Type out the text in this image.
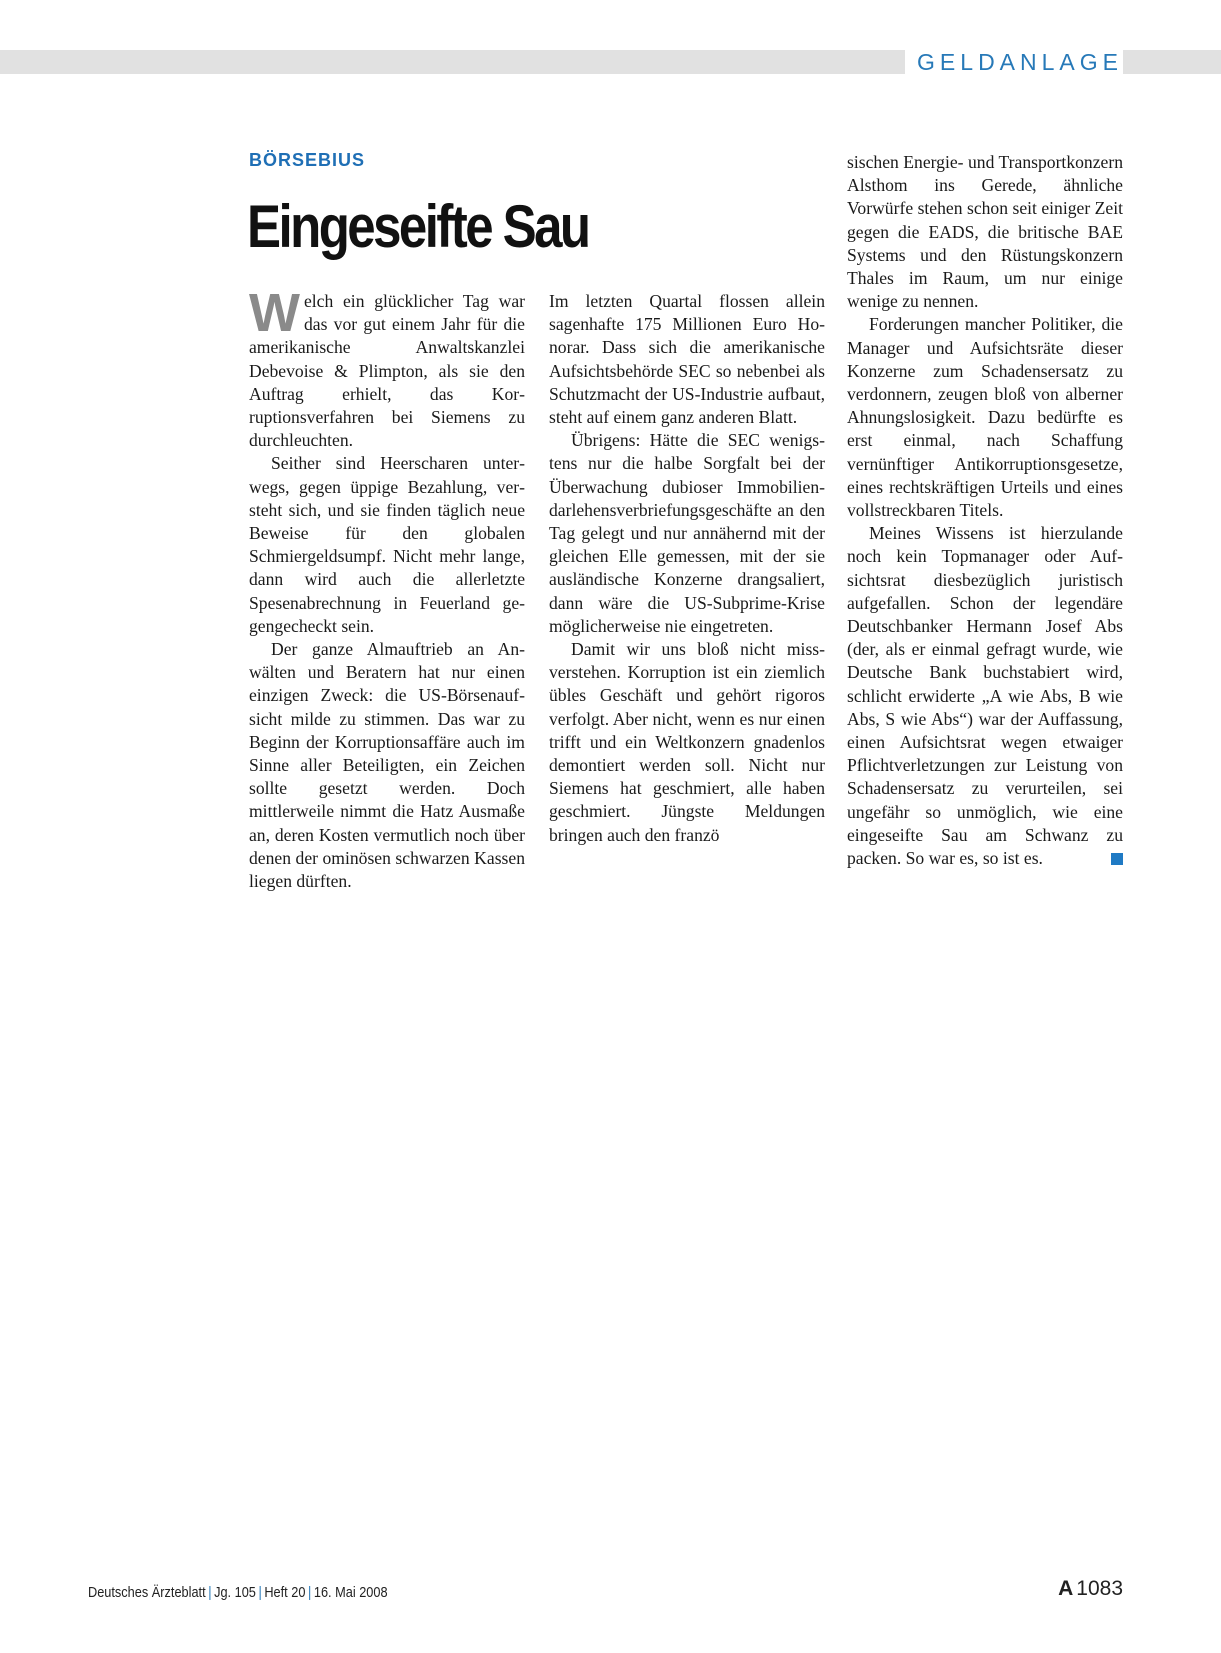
GELDANLAGE
BÖRSEBIUS
Eingeseifte Sau

Welch ein glücklicher Tag war das vor gut einem Jahr für die amerikanische Anwaltskanzlei Debevoise & Plimpton, als sie den Auftrag erhielt, das Korruptionsverfahren bei Siemens zu durchleuchten.

Seither sind Heerscharen unterwegs, gegen üppige Bezahlung, versteht sich, und sie finden täglich neue Beweise für den globalen Schmiergeldsumpf. Nicht mehr lange, dann wird auch die allerletzte Spesenabrechnung in Feuerland gegengecheckt sein.

Der ganze Almauftrieb an Anwälten und Beratern hat nur einen einzigen Zweck: die US-Börsenaufsicht milde zu stimmen. Das war zu Beginn der Korruptionsaffäre auch im Sinne aller Beteiligten, ein Zeichen sollte gesetzt werden. Doch mittlerweile nimmt die Hatz Ausmaße an, deren Kosten vermutlich noch über denen der ominösen schwarzen Kassen liegen dürften.

Im letzten Quartal flossen allein sagenhafte 175 Millionen Euro Honorar. Dass sich die amerikanische Aufsichtsbehörde SEC so nebenbei als Schutzmacht der US-Industrie aufbaut, steht auf einem ganz anderen Blatt.

Übrigens: Hätte die SEC wenigstens nur die halbe Sorgfalt bei der Überwachung dubioser Immobiliendarlehensverbriefungsgeschäfte an den Tag gelegt und nur annähernd mit der gleichen Elle gemessen, mit der sie ausländische Konzerne drangsaliert, dann wäre die US-Subprime-Krise möglicherweise nie eingetreten.

Damit wir uns bloß nicht missverstehen. Korruption ist ein ziemlich übles Geschäft und gehört rigoros verfolgt. Aber nicht, wenn es nur einen trifft und ein Weltkonzern gnadenlos demontiert werden soll. Nicht nur Siemens hat geschmiert, alle haben geschmiert. Jüngste Meldungen bringen auch den franzö

sischen Energie- und Transportkonzern Alsthom ins Gerede, ähnliche Vorwürfe stehen schon seit einiger Zeit gegen die EADS, die britische BAE Systems und den Rüstungskonzern Thales im Raum, um nur einige wenige zu nennen.

Forderungen mancher Politiker, die Manager und Aufsichtsräte dieser Konzerne zum Schadensersatz zu verdonnern, zeugen bloß von alberner Ahnungslosigkeit. Dazu bedürfte es erst einmal, nach Schaffung vernünftiger Antikorruptionsgesetze, eines rechtskräftigen Urteils und eines vollstreckbaren Titels.

Meines Wissens ist hierzulande noch kein Topmanager oder Aufsichtsrat diesbezüglich juristisch aufgefallen. Schon der legendäre Deutschbanker Hermann Josef Abs (der, als er einmal gefragt wurde, wie Deutsche Bank buchstabiert wird, schlicht erwiderte „A wie Abs, B wie Abs, S wie Abs“) war der Auffassung, einen Aufsichtsrat wegen etwaiger Pflichtverletzungen zur Leistung von Schadensersatz zu verurteilen, sei ungefähr so unmöglich, wie eine eingeseifte Sau am Schwanz zu packen. So war es, so ist es.

Deutsches Ärzteblatt | Jg. 105 | Heft 20 | 16. Mai 2008	A 1083
